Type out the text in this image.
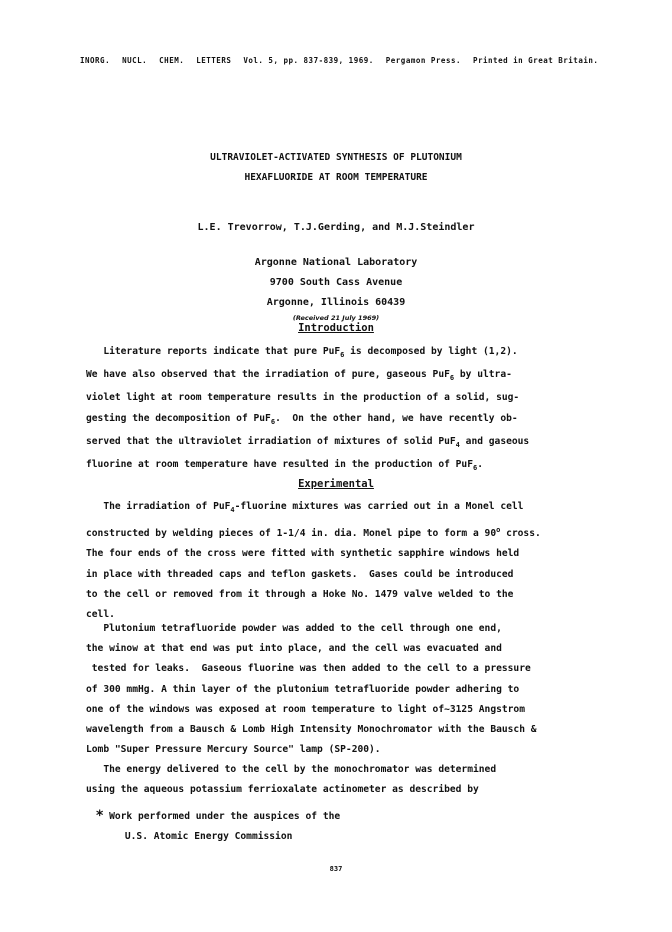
INORG. NUCL. CHEM. LETTERS Vol. 5, pp. 837-839, 1969. Pergamon Press. Printed in Great Britain.
ULTRAVIOLET-ACTIVATED SYNTHESIS OF PLUTONIUM
HEXAFLUORIDE AT ROOM TEMPERATURE
L.E. Trevorrow, T.J.Gerding, and M.J.Steindler
Argonne National Laboratory
9700 South Cass Avenue
Argonne, Illinois 60439
(Received 21 July 1969)
Introduction
Literature reports indicate that pure PuF$_6$ is decomposed by light (1,2).
We have also observed that the irradiation of pure, gaseous PuF$_6$ by ultra-
violet light at room temperature results in the production of a solid, sug-
gesting the decomposition of PuF$_6$.  On the other hand, we have recently ob-
served that the ultraviolet irradiation of mixtures of solid PuF$_4$ and gaseous
fluorine at room temperature have resulted in the production of PuF$_6$.
Experimental
The irradiation of PuF$_4$-fluorine mixtures was carried out in a Monel cell
constructed by welding pieces of 1-1/4 in. dia. Monel pipe to form a 90$^o$ cross.
The four ends of the cross were fitted with synthetic sapphire windows held
in place with threaded caps and teflon gaskets.  Gases could be introduced
to the cell or removed from it through a Hoke No. 1479 valve welded to the
cell.
Plutonium tetrafluoride powder was added to the cell through one end,
the winow at that end was put into place, and the cell was evacuated and
tested for leaks.  Gaseous fluorine was then added to the cell to a pressure
of 300 mmHg. A thin layer of the plutonium tetrafluoride powder adhering to
one of the windows was exposed at room temperature to light of~3125 Angstrom
wavelength from a Bausch & Lomb High Intensity Monochromator with the Bausch &
Lomb "Super Pressure Mercury Source" lamp (SP-200).
The energy delivered to the cell by the monochromator was determined
using the aqueous potassium ferrioxalate actinometer as described by
* Work performed under the auspices of the
U.S. Atomic Energy Commission
837
